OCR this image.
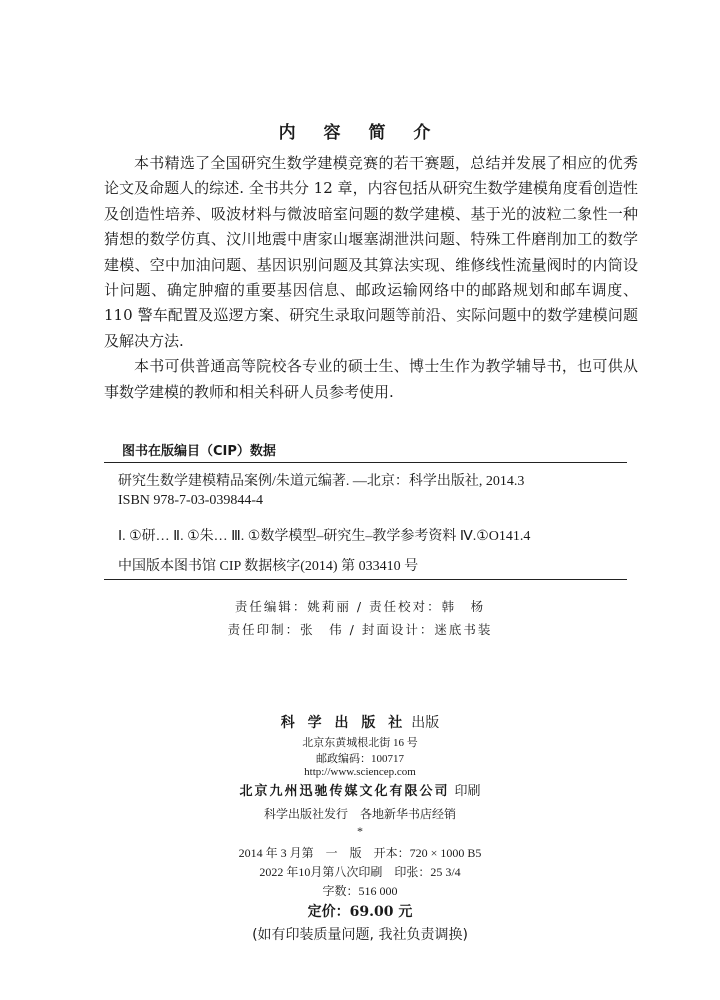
内 容 简 介

本书精选了全国研究生数学建模竞赛的若干赛题，总结并发展了相应的优秀论文及命题人的综述. 全书共分 12 章，内容包括从研究生数学建模角度看创造性及创造性培养、吸波材料与微波暗室问题的数学建模、基于光的波粒二象性一种猜想的数学仿真、汶川地震中唐家山堰塞湖泄洪问题、特殊工件磨削加工的数学建模、空中加油问题、基因识别问题及其算法实现、维修线性流量阀时的内筒设计问题、确定肿瘤的重要基因信息、邮政运输网络中的邮路规划和邮车调度、110 警车配置及巡逻方案、研究生录取问题等前沿、实际问题中的数学建模问题及解决方法.

本书可供普通高等院校各专业的硕士生、博士生作为教学辅导书，也可供从事数学建模的教师和相关科研人员参考使用.

图书在版编目（CIP）数据
研究生数学建模精品案例/朱道元编著. —北京：科学出版社, 2014.3
ISBN 978-7-03-039844-4
Ⅰ. ①研… Ⅱ. ①朱… Ⅲ. ①数学模型–研究生–教学参考资料 Ⅳ.①O141.4
中国版本图书馆 CIP 数据核字(2014) 第 033410 号
责任编辑：姚莉丽 / 责任校对：韩　杨
责任印制：张　伟 / 封面设计：迷底书装
科 学 出 版 社 出版
北京东黄城根北街 16 号
邮政编码：100717
http://www.sciencep.com
北京九州迅驰传媒文化有限公司 印刷
科学出版社发行　各地新华书店经销
*
2014 年 3 月第　一　版　开本：720 × 1000 B5
2022 年10月第八次印刷　印张：25 3/4
字数：516 000
定价：69.00 元
(如有印装质量问题, 我社负责调换)
